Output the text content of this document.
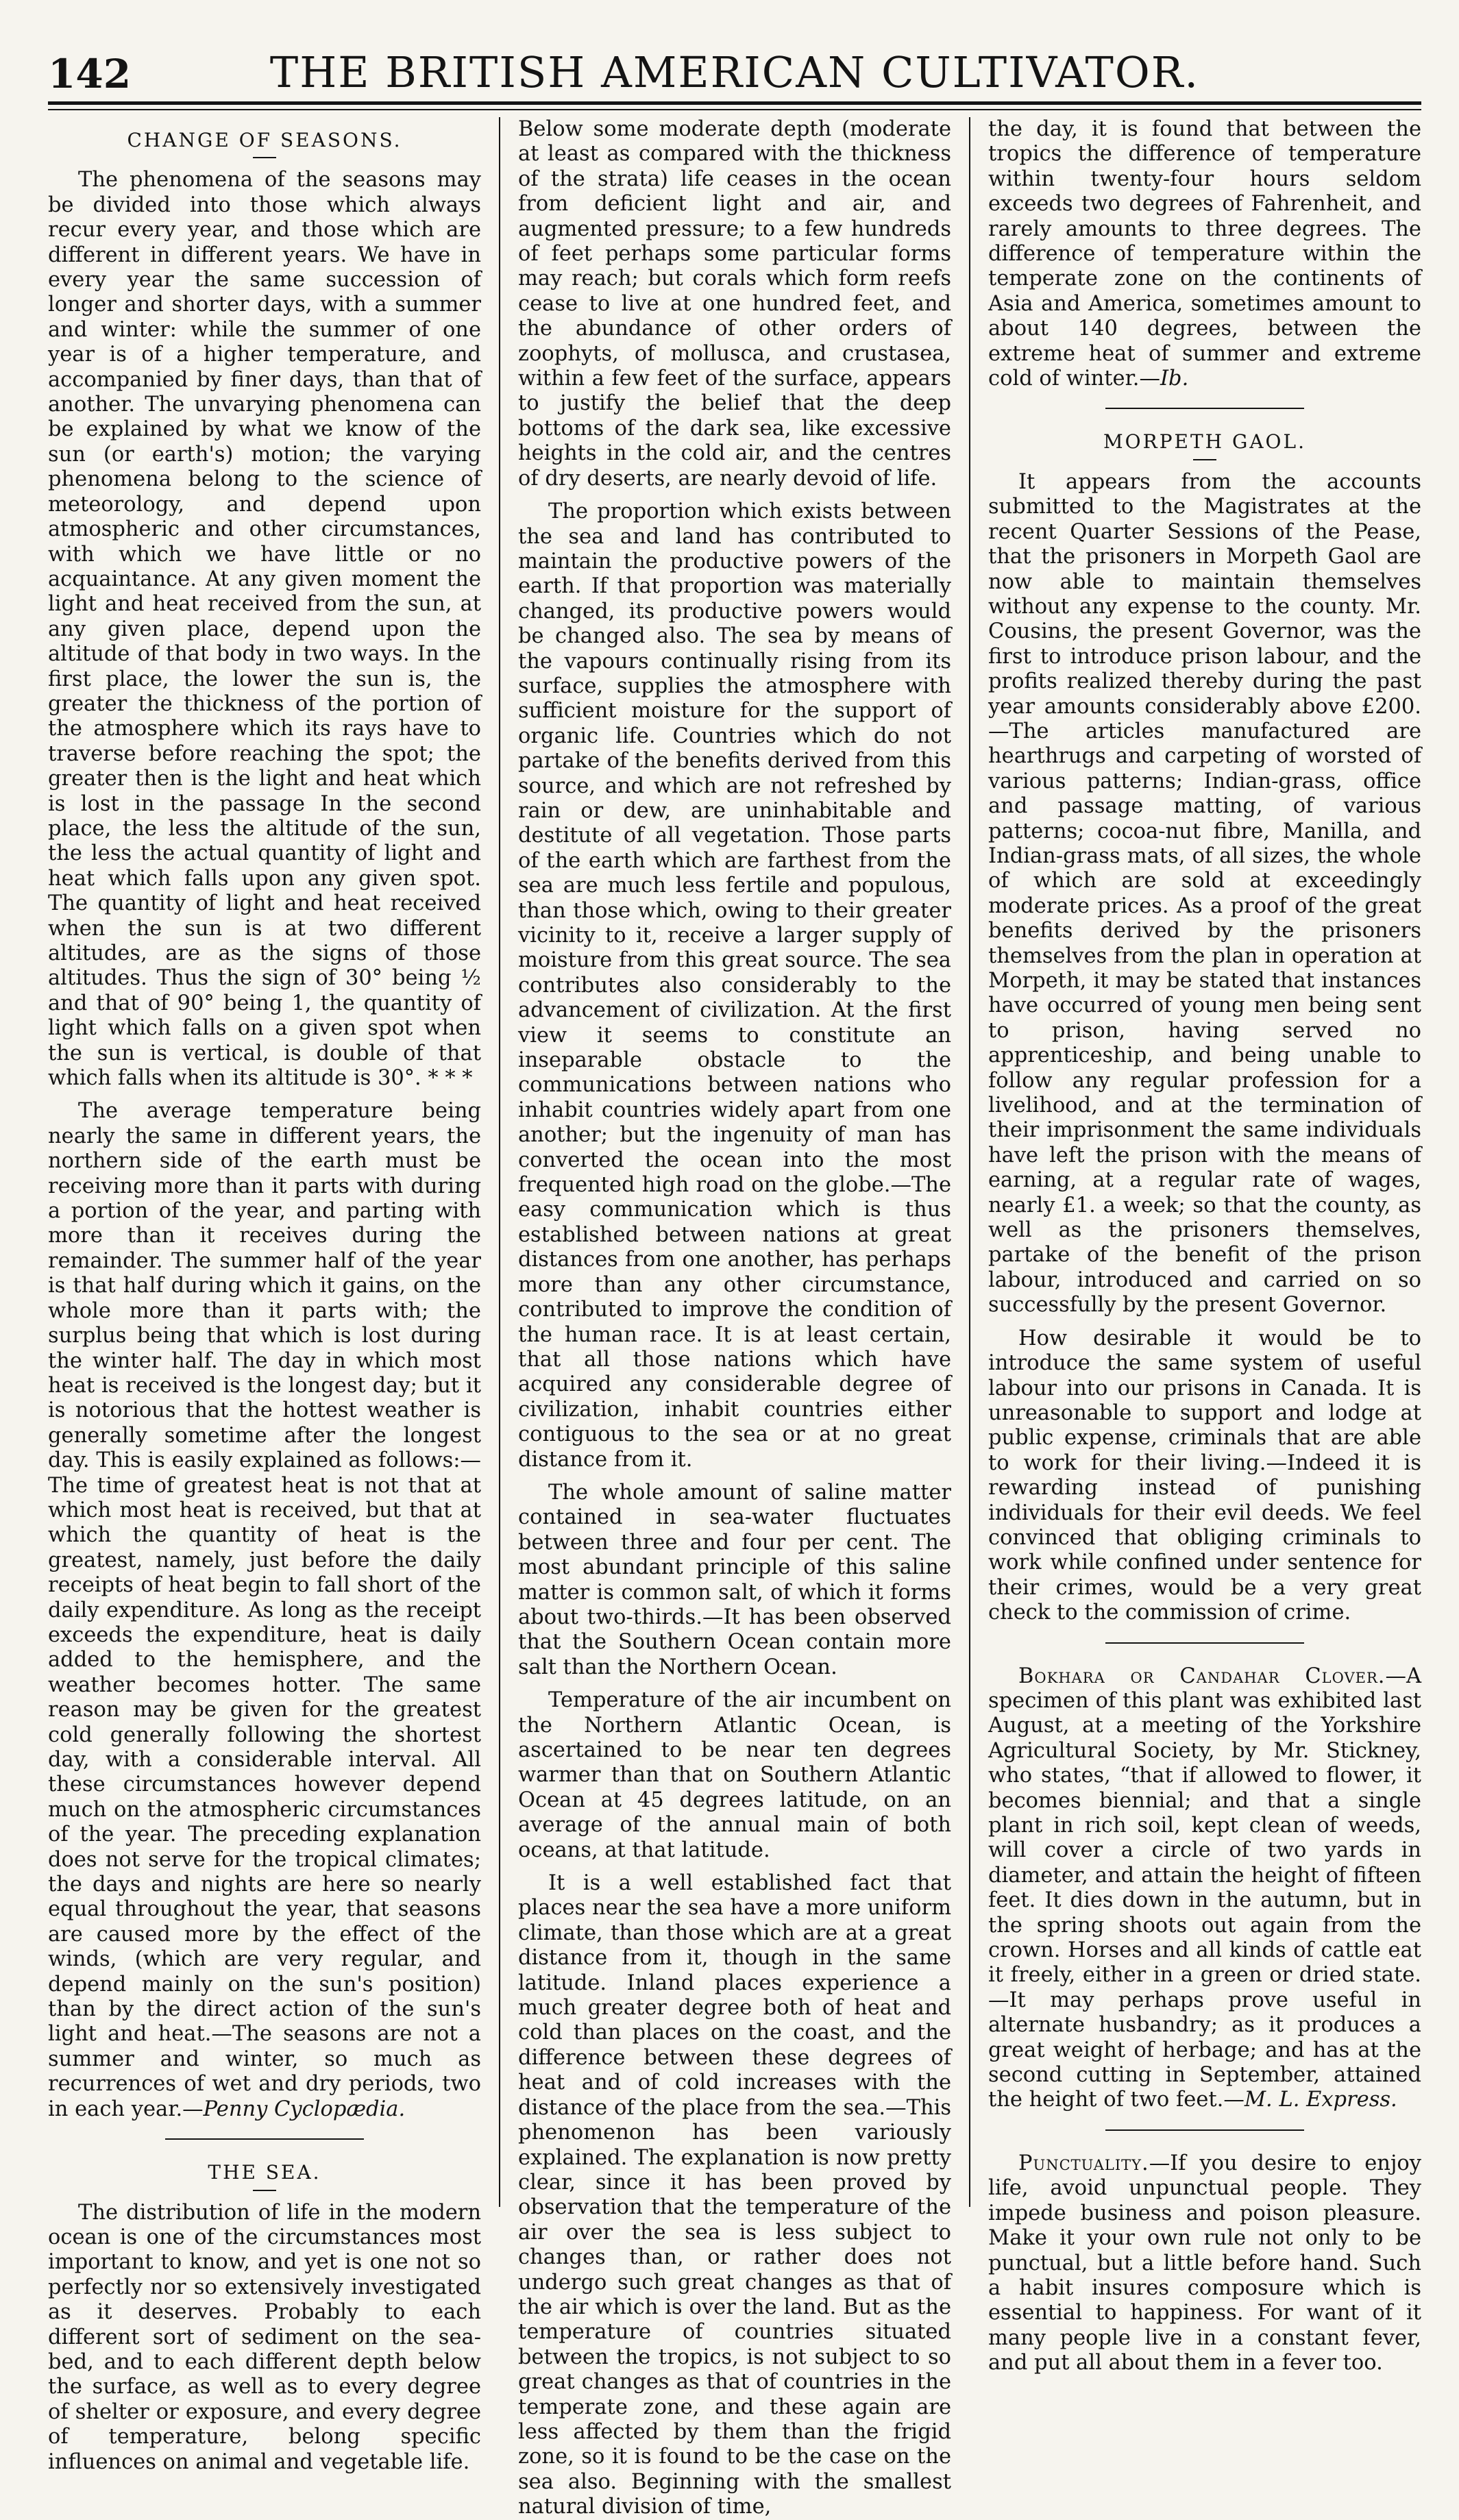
142	THE BRITISH AMERICAN CULTIVATOR.
CHANGE OF SEASONS.

The phenomena of the seasons may be divided into those which always recur every year, and those which are different in different years. We have in every year the same succession of longer and shorter days, with a summer and winter: while the summer of one year is of a higher temperature, and accompanied by finer days, than that of another. The unvarying phenomena can be explained by what we know of the sun (or earth's) motion; the varying phenomena belong to the science of meteorology, and depend upon atmospheric and other circumstances, with which we have little or no acquaintance. At any given moment the light and heat received from the sun, at any given place, depend upon the altitude of that body in two ways. In the first place, the lower the sun is, the greater the thickness of the portion of the atmosphere which its rays have to traverse before reaching the spot; the greater then is the light and heat which is lost in the passage In the second place, the less the altitude of the sun, the less the actual quantity of light and heat which falls upon any given spot. The quantity of light and heat received when the sun is at two different altitudes, are as the signs of those altitudes. Thus the sign of 30° being ½ and that of 90° being 1, the quantity of light which falls on a given spot when the sun is vertical, is double of that which falls when its altitude is 30°. * * *

The average temperature being nearly the same in different years, the northern side of the earth must be receiving more than it parts with during a portion of the year, and parting with more than it receives during the remainder. The summer half of the year is that half during which it gains, on the whole more than it parts with; the surplus being that which is lost during the winter half. The day in which most heat is received is the longest day; but it is notorious that the hottest weather is generally sometime after the longest day. This is easily explained as follows:—The time of greatest heat is not that at which most heat is received, but that at which the quantity of heat is the greatest, namely, just before the daily receipts of heat begin to fall short of the daily expenditure. As long as the receipt exceeds the expenditure, heat is daily added to the hemisphere, and the weather becomes hotter. The same reason may be given for the greatest cold generally following the shortest day, with a considerable interval. All these circumstances however depend much on the atmospheric circumstances of the year. The preceding explanation does not serve for the tropical climates; the days and nights are here so nearly equal throughout the year, that seasons are caused more by the effect of the winds, (which are very regular, and depend mainly on the sun's position) than by the direct action of the sun's light and heat.—The seasons are not a summer and winter, so much as recurrences of wet and dry periods, two in each year.—Penny Cyclopædia.

THE SEA.

The distribution of life in the modern ocean is one of the circumstances most important to know, and yet is one not so perfectly nor so extensively investigated as it deserves. Probably to each different sort of sediment on the sea-bed, and to each different depth below the surface, as well as to every degree of shelter or exposure, and every degree of temperature, belong specific influences on animal and vegetable life.

Below some moderate depth (moderate at least as compared with the thickness of the strata) life ceases in the ocean from deficient light and air, and augmented pressure; to a few hundreds of feet perhaps some particular forms may reach; but corals which form reefs cease to live at one hundred feet, and the abundance of other orders of zoophyts, of mollusca, and crustasea, within a few feet of the surface, appears to justify the belief that the deep bottoms of the dark sea, like excessive heights in the cold air, and the centres of dry deserts, are nearly devoid of life.

The proportion which exists between the sea and land has contributed to maintain the productive powers of the earth. If that proportion was materially changed, its productive powers would be changed also. The sea by means of the vapours continually rising from its surface, supplies the atmosphere with sufficient moisture for the support of organic life. Countries which do not partake of the benefits derived from this source, and which are not refreshed by rain or dew, are uninhabitable and destitute of all vegetation. Those parts of the earth which are farthest from the sea are much less fertile and populous, than those which, owing to their greater vicinity to it, receive a larger supply of moisture from this great source. The sea contributes also considerably to the advancement of civilization. At the first view it seems to constitute an inseparable obstacle to the communications between nations who inhabit countries widely apart from one another; but the ingenuity of man has converted the ocean into the most frequented high road on the globe.—The easy communication which is thus established between nations at great distances from one another, has perhaps more than any other circumstance, contributed to improve the condition of the human race. It is at least certain, that all those nations which have acquired any considerable degree of civilization, inhabit countries either contiguous to the sea or at no great distance from it.

The whole amount of saline matter contained in sea-water fluctuates between three and four per cent. The most abundant principle of this saline matter is common salt, of which it forms about two-thirds.—It has been observed that the Southern Ocean contain more salt than the Northern Ocean.

Temperature of the air incumbent on the Northern Atlantic Ocean, is ascertained to be near ten degrees warmer than that on Southern Atlantic Ocean at 45 degrees latitude, on an average of the annual main of both oceans, at that latitude.

It is a well established fact that places near the sea have a more uniform climate, than those which are at a great distance from it, though in the same latitude. Inland places experience a much greater degree both of heat and cold than places on the coast, and the difference between these degrees of heat and of cold increases with the distance of the place from the sea.—This phenomenon has been variously explained. The explanation is now pretty clear, since it has been proved by observation that the temperature of the air over the sea is less subject to changes than, or rather does not undergo such great changes as that of the air which is over the land. But as the temperature of countries situated between the tropics, is not subject to so great changes as that of countries in the temperate zone, and these again are less affected by them than the frigid zone, so it is found to be the case on the sea also. Beginning with the smallest natural division of time,

the day, it is found that between the tropics the difference of temperature within twenty-four hours seldom exceeds two degrees of Fahrenheit, and rarely amounts to three degrees. The difference of temperature within the temperate zone on the continents of Asia and America, sometimes amount to about 140 degrees, between the extreme heat of summer and extreme cold of winter.—Ib.

MORPETH GAOL.

It appears from the accounts submitted to the Magistrates at the recent Quarter Sessions of the Pease, that the prisoners in Morpeth Gaol are now able to maintain themselves without any expense to the county. Mr. Cousins, the present Governor, was the first to introduce prison labour, and the profits realized thereby during the past year amounts considerably above £200.—The articles manufactured are hearthrugs and carpeting of worsted of various patterns; Indian-grass, office and passage matting, of various patterns; cocoa-nut fibre, Manilla, and Indian-grass mats, of all sizes, the whole of which are sold at exceedingly moderate prices. As a proof of the great benefits derived by the prisoners themselves from the plan in operation at Morpeth, it may be stated that instances have occurred of young men being sent to prison, having served no apprenticeship, and being unable to follow any regular profession for a livelihood, and at the termination of their imprisonment the same individuals have left the prison with the means of earning, at a regular rate of wages, nearly £1. a week; so that the county, as well as the prisoners themselves, partake of the benefit of the prison labour, introduced and carried on so successfully by the present Governor.

How desirable it would be to introduce the same system of useful labour into our prisons in Canada. It is unreasonable to support and lodge at public expense, criminals that are able to work for their living.—Indeed it is rewarding instead of punishing individuals for their evil deeds. We feel convinced that obliging criminals to work while confined under sentence for their crimes, would be a very great check to the commission of crime.

Bokhara or Candahar Clover.—A specimen of this plant was exhibited last August, at a meeting of the Yorkshire Agricultural Society, by Mr. Stickney, who states, “that if allowed to flower, it becomes biennial; and that a single plant in rich soil, kept clean of weeds, will cover a circle of two yards in diameter, and attain the height of fifteen feet. It dies down in the autumn, but in the spring shoots out again from the crown. Horses and all kinds of cattle eat it freely, either in a green or dried state.—It may perhaps prove useful in alternate husbandry; as it produces a great weight of herbage; and has at the second cutting in September, attained the height of two feet.—M. L. Express.

Punctuality.—If you desire to enjoy life, avoid unpunctual people. They impede business and poison pleasure. Make it your own rule not only to be punctual, but a little before hand. Such a habit insures composure which is essential to happiness. For want of it many people live in a constant fever, and put all about them in a fever too.
